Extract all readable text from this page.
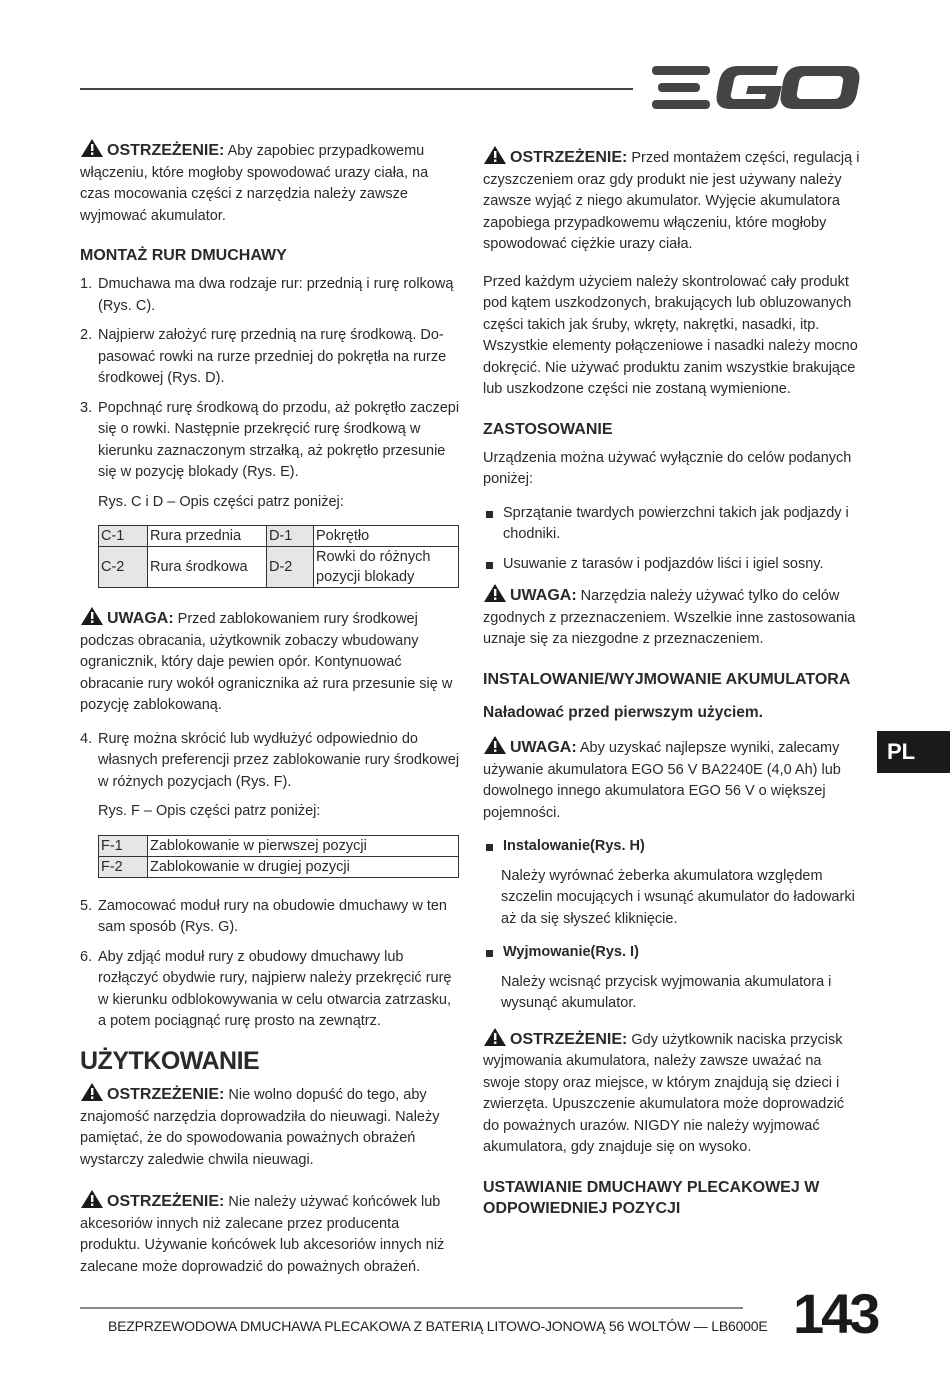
OSTRZEŻENIE: Aby zapobiec przypadkowemu włączeniu, które mogłoby spowodować urazy ciała, na czas mocowania części z narzędzia należy zawsze wyjmować akumulator.
MONTAŻ RUR DMUCHAWY
1. Dmuchawa ma dwa rodzaje rur: przednią i rurę rolkową (Rys. C).
2. Najpierw założyć rurę przednią na rurę środkową. Dopasować rowki na rurze przedniej do pokrętła na rurze środkowej (Rys. D).
3. Popchnąć rurę środkową do przodu, aż pokrętło zaczepi się o rowki. Następnie przekręcić rurę środkową w kierunku zaznaczonym strzałką, aż pokrętło przesunie się w pozycję blokady (Rys. E).

Rys. C i D – Opis części patrz poniżej:

C-1	Rura przednia	D-1	Pokrętło
C-2	Rura środkowa	D-2	Rowki do różnych pozycji blokady
UWAGA: Przed zablokowaniem rury środkowej podczas obracania, użytkownik zobaczy wbudowany ogranicznik, który daje pewien opór. Kontynuować obracanie rury wokół ogranicznika aż rura przesunie się w pozycję zablokowaną.
4. Rurę można skrócić lub wydłużyć odpowiednio do własnych preferencji przez zablokowanie rury środkowej w różnych pozycjach (Rys. F).

Rys. F – Opis części patrz poniżej:

F-1	Zablokowanie w pierwszej pozycji
F-2	Zablokowanie w drugiej pozycji
5. Zamocować moduł rury na obudowie dmuchawy w ten sam sposób (Rys. G).
6. Aby zdjąć moduł rury z obudowy dmuchawy lub rozłączyć obydwie rury, najpierw należy przekręcić rurę w kierunku odblokowywania w celu otwarcia zatrzasku, a potem pociągnąć rurę prosto na zewnątrz.
UŻYTKOWANIE
OSTRZEŻENIE: Nie wolno dopuść do tego, aby znajomość narzędzia doprowadziła do nieuwagi. Należy pamiętać, że do spowodowania poważnych obrażeń wystarczy zaledwie chwila nieuwagi.
OSTRZEŻENIE: Nie należy używać końcówek lub akcesoriów innych niż zalecane przez producenta produktu. Używanie końcówek lub akcesoriów innych niż zalecane może doprowadzić do poważnych obrażeń.
OSTRZEŻENIE: Przed montażem części, regulacją i czyszczeniem oraz gdy produkt nie jest używany należy zawsze wyjąć z niego akumulator. Wyjęcie akumulatora zapobiega przypadkowemu włączeniu, które mogłoby spowodować ciężkie urazy ciała.

Przed każdym użyciem należy skontrolować cały produkt pod kątem uszkodzonych, brakujących lub obluzowanych części takich jak śruby, wkręty, nakrętki, nasadki, itp. Wszystkie elementy połączeniowe i nasadki należy mocno dokręcić. Nie używać produktu zanim wszystkie brakujące lub uszkodzone części nie zostaną wymienione.

ZASTOSOWANIE

Urządzenia można używać wyłącznie do celów podanych poniżej:

Sprzątanie twardych powierzchni takich jak podjazdy i chodniki.
Usuwanie z tarasów i podjazdów liści i igiel sosny.
UWAGA: Narzędzia należy używać tylko do celów zgodnych z przeznaczeniem. Wszelkie inne zastosowania uznaje się za niezgodne z przeznaczeniem.
INSTALOWANIE/WYJMOWANIE AKUMULATORA

Naładować przed pierwszym użyciem.

UWAGA: Aby uzyskać najlepsze wyniki, zalecamy używanie akumulatora EGO 56 V BA2240E (4,0 Ah) lub dowolnego innego akumulatora EGO 56 V o większej pojemności.
Instalowanie(Rys. H)

Należy wyrównać żeberka akumulatora względem szczelin mocujących i wsunąć akumulator do ładowarki aż da się słyszeć kliknięcie.

Wyjmowanie(Rys. I)

Należy wcisnąć przycisk wyjmowania akumulatora i wysunąć akumulator.

OSTRZEŻENIE: Gdy użytkownik naciska przycisk wyjmowania akumulatora, należy zawsze uważać na swoje stopy oraz miejsce, w którym znajdują się dzieci i zwierzęta. Upuszczenie akumulatora może doprowadzić do poważnych urazów. NIGDY nie należy wyjmować akumulatora, gdy znajduje się on wysoko.
USTAWIANIE DMUCHAWY PLECAKOWEJ W ODPOWIEDNIEJ POZYCJI
PL
BEZPRZEWODOWA DMUCHAWA PLECAKOWA Z BATERIĄ LITOWO-JONOWĄ 56 WOLTÓW — LB6000E 143
